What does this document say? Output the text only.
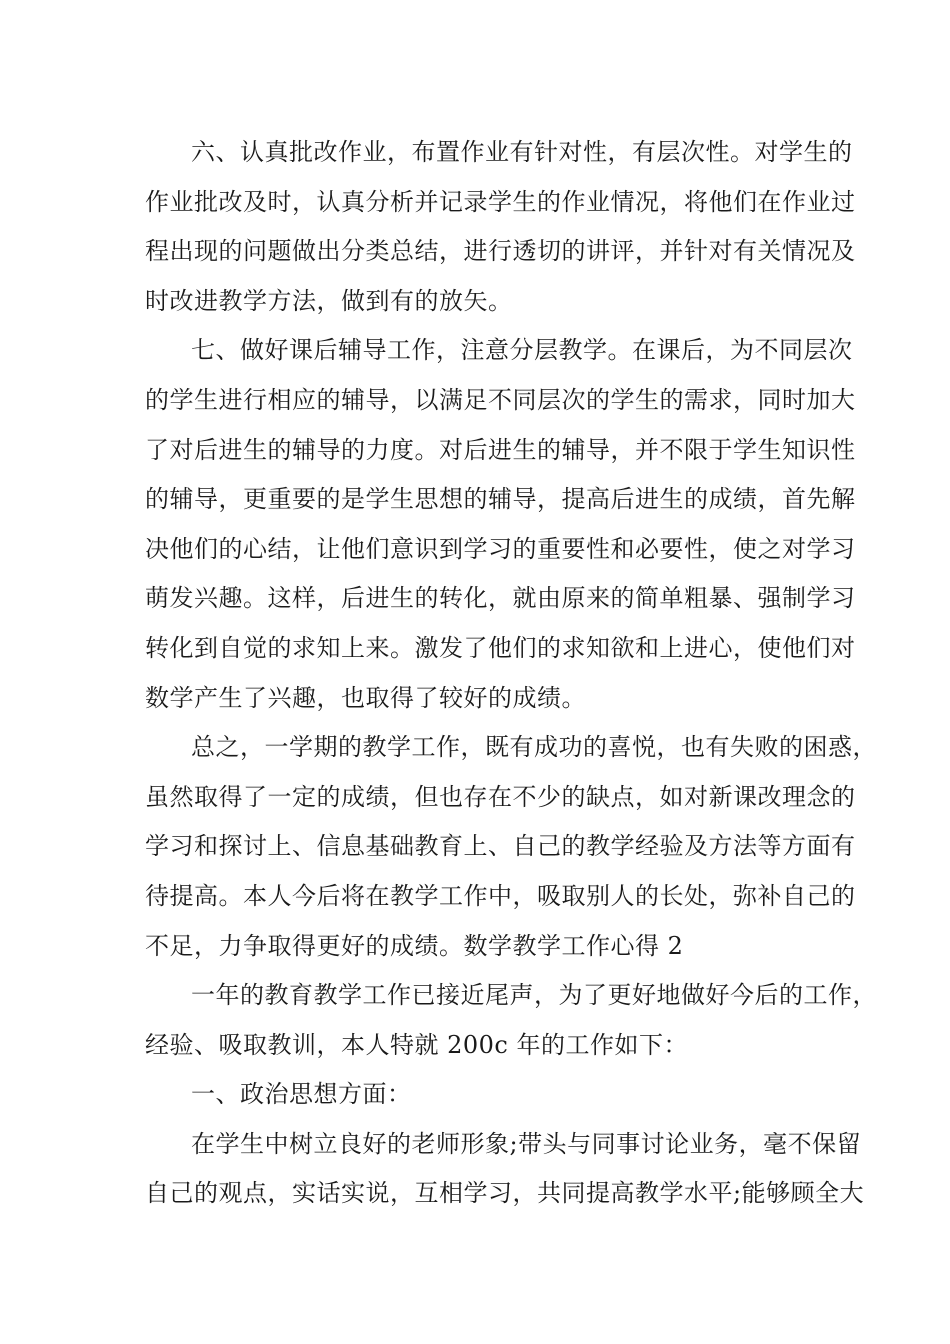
六、认真批改作业，布置作业有针对性，有层次性。对学生的
作业批改及时，认真分析并记录学生的作业情况，将他们在作业过
程出现的问题做出分类总结，进行透切的讲评，并针对有关情况及
时改进教学方法，做到有的放矢。
七、做好课后辅导工作，注意分层教学。在课后，为不同层次
的学生进行相应的辅导，以满足不同层次的学生的需求，同时加大
了对后进生的辅导的力度。对后进生的辅导，并不限于学生知识性
的辅导，更重要的是学生思想的辅导，提高后进生的成绩，首先解
决他们的心结，让他们意识到学习的重要性和必要性，使之对学习
萌发兴趣。这样，后进生的转化，就由原来的简单粗暴、强制学习
转化到自觉的求知上来。激发了他们的求知欲和上进心，使他们对
数学产生了兴趣，也取得了较好的成绩。
总之，一学期的教学工作，既有成功的喜悦，也有失败的困惑，
虽然取得了一定的成绩，但也存在不少的缺点，如对新课改理念的
学习和探讨上、信息基础教育上、自己的教学经验及方法等方面有
待提高。本人今后将在教学工作中，吸取别人的长处，弥补自己的
不足，力争取得更好的成绩。数学教学工作心得 2
一年的教育教学工作已接近尾声，为了更好地做好今后的工作，
经验、吸取教训，本人特就 200c 年的工作如下：
一、政治思想方面：
在学生中树立良好的老师形象;带头与同事讨论业务，毫不保留
自己的观点，实话实说，互相学习，共同提高教学水平;能够顾全大
